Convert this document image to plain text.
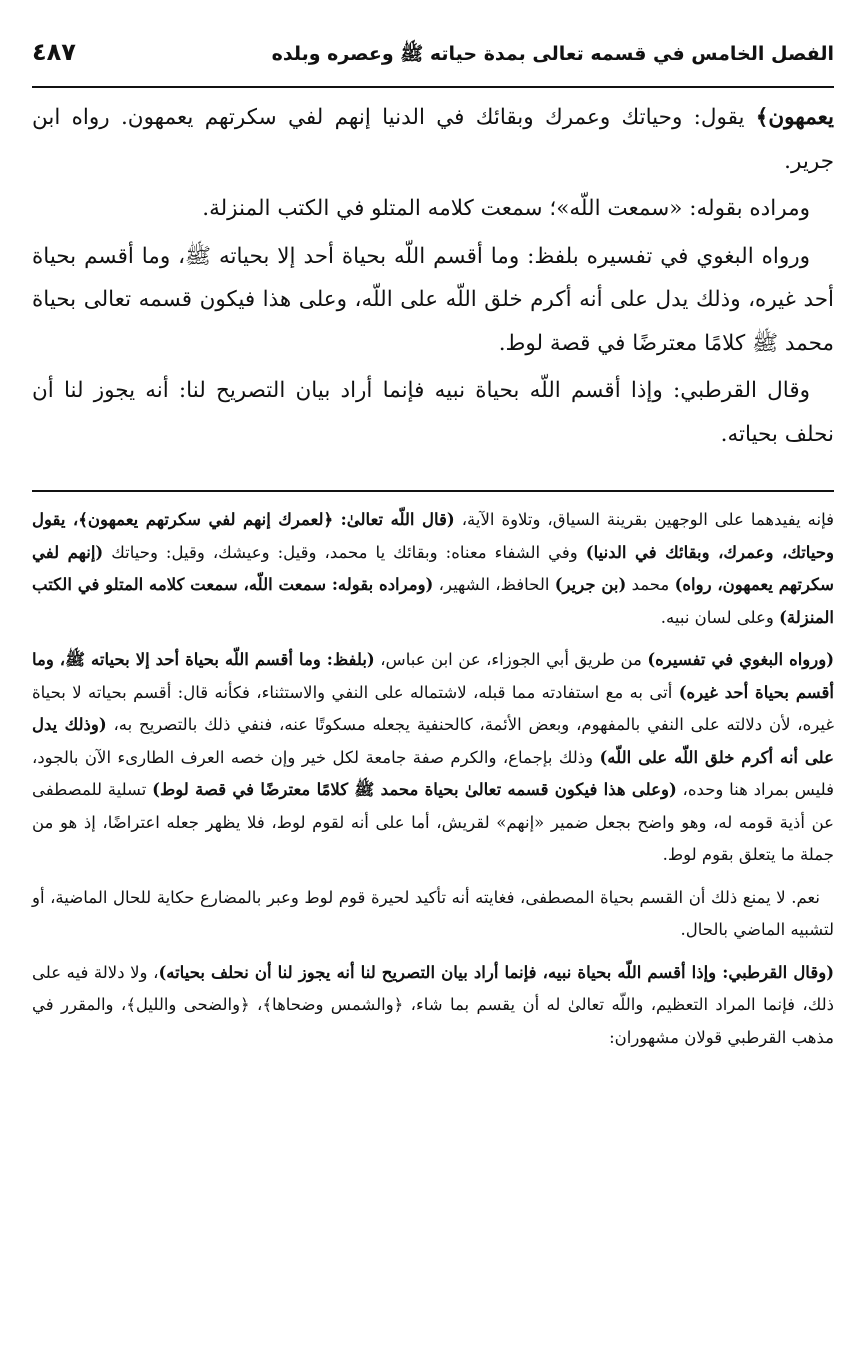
الفصل الخامس في قسمه تعالى بمدة حياته ﷺ وعصره وبلده
٤٨٧

يعمهون﴾ يقول: وحياتك وعمرك وبقائك في الدنيا إنهم لفي سكرتهم يعمهون. رواه ابن جرير.

ومراده بقوله: «سمعت اللّه»؛ سمعت كلامه المتلو في الكتب المنزلة.

ورواه البغوي في تفسيره بلفظ: وما أقسم اللّه بحياة أحد إلا بحياته ﷺ، وما أقسم بحياة أحد غيره، وذلك يدل على أنه أكرم خلق اللّه على اللّه، وعلى هذا فيكون قسمه تعالى بحياة محمد ﷺ كلامًا معترضًا في قصة لوط.

وقال القرطبي: وإذا أقسم اللّه بحياة نبيه فإنما أراد بيان التصريح لنا: أنه يجوز لنا أن نحلف بحياته.

فإنه يفيدهما على الوجهين بقرينة السياق، وتلاوة الآية، (قال اللّه تعالىٰ: ﴿لعمرك إنهم لفي سكرتهم يعمهون﴾، يقول وحياتك، وعمرك، وبقائك في الدنيا) وفي الشفاء معناه: وبقائك يا محمد، وقيل: وعيشك، وقيل: وحياتك (إنهم لفي سكرتهم يعمهون، رواه) محمد (بن جرير) الحافظ، الشهير، (ومراده بقوله: سمعت اللّه، سمعت كلامه المتلو في الكتب المنزلة) وعلى لسان نبيه.

(ورواه البغوي في تفسيره) من طريق أبي الجوزاء، عن ابن عباس، (بلفظ: وما أقسم اللّه بحياة أحد إلا بحياته ﷺ، وما أقسم بحياة أحد غيره) أتى به مع استفادته مما قبله، لاشتماله على النفي والاستثناء، فكأنه قال: أقسم بحياته لا بحياة غيره، لأن دلالته على النفي بالمفهوم، وبعض الأئمة، كالحنفية يجعله مسكوتًا عنه، فنفي ذلك بالتصريح به، (وذلك يدل على أنه أكرم خلق اللّه على اللّه) وذلك بإجماع، والكرم صفة جامعة لكل خير وإن خصه العرف الطارىء الآن بالجود، فليس بمراد هنا وحده، (وعلى هذا فيكون قسمه تعالىٰ بحياة محمد ﷺ كلامًا معترضًا في قصة لوط) تسلية للمصطفى عن أذية قومه له، وهو واضح بجعل ضمير «إنهم» لقريش، أما على أنه لقوم لوط، فلا يظهر جعله اعتراضًا، إذ هو من جملة ما يتعلق بقوم لوط.

نعم. لا يمنع ذلك أن القسم بحياة المصطفى، فغايته أنه تأكيد لحيرة قوم لوط وعبر بالمضارع حكاية للحال الماضية، أو لتشبيه الماضي بالحال.

(وقال القرطبي: وإذا أقسم اللّه بحياة نبيه، فإنما أراد بيان التصريح لنا أنه يجوز لنا أن نحلف بحياته)، ولا دلالة فيه على ذلك، فإنما المراد التعظيم، واللّه تعالىٰ له أن يقسم بما شاء، ﴿والشمس وضحاها﴾، ﴿والضحى والليل﴾، والمقرر في مذهب القرطبي قولان مشهوران:
